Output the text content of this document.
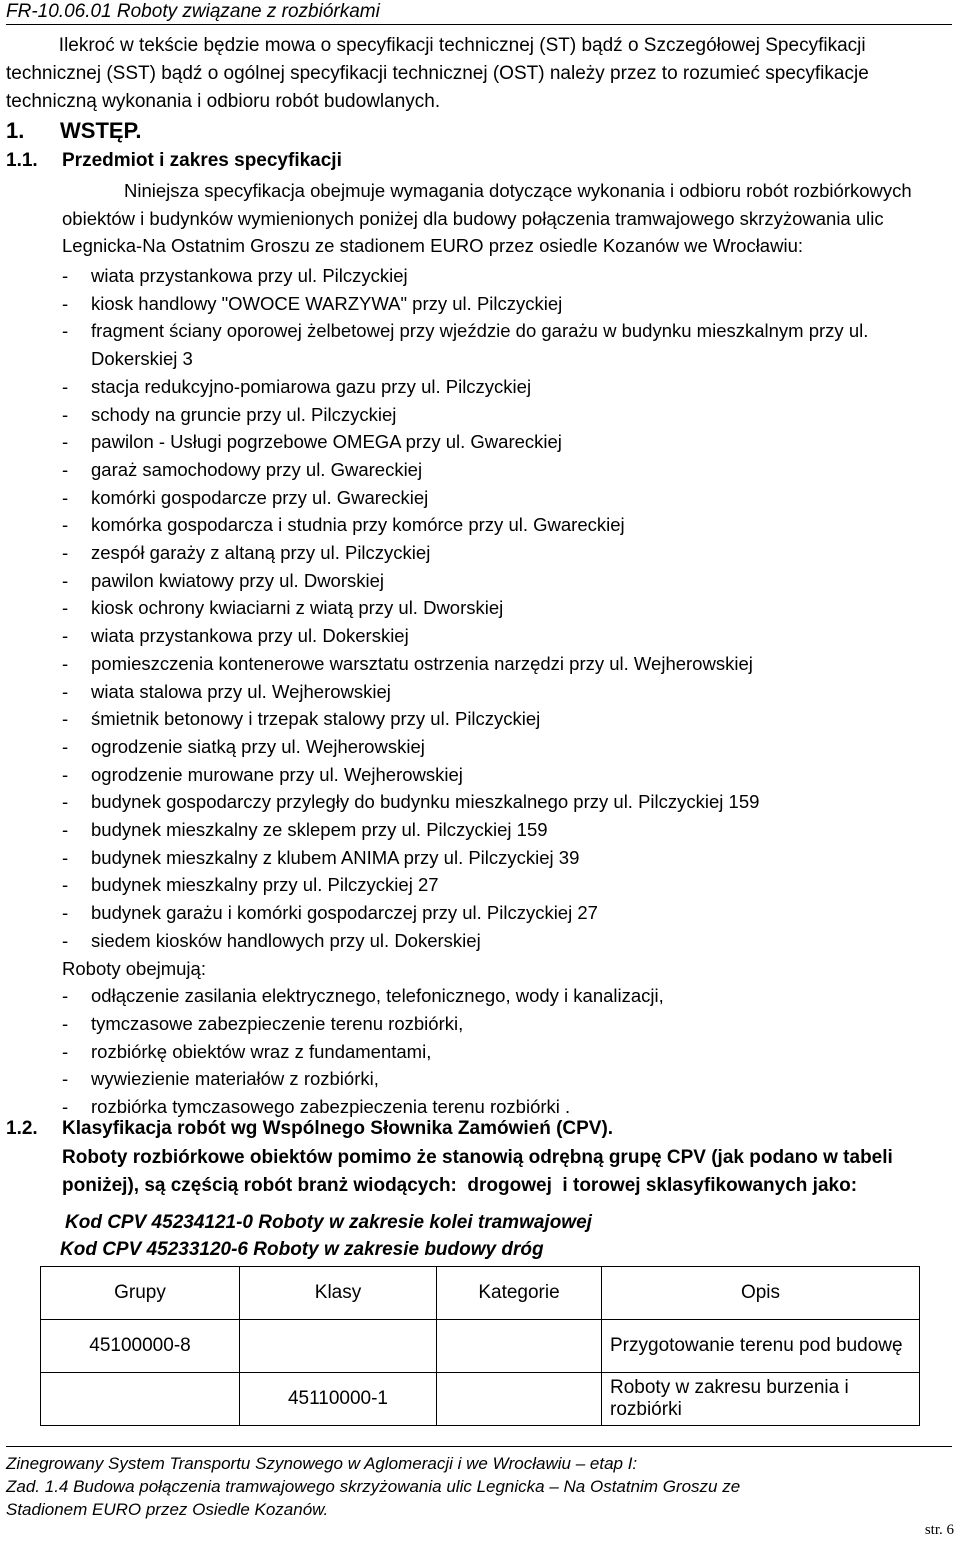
FR-10.06.01 Roboty związane z rozbiórkami
Ilekroć w tekście będzie mowa o specyfikacji technicznej (ST) bądź o Szczegółowej Specyfikacji
technicznej (SST) bądź o ogólnej specyfikacji technicznej (OST) należy przez to rozumieć specyfikacje
techniczną wykonania i odbioru robót budowlanych.
1. WSTĘP.
1.1. Przedmiot i zakres specyfikacji
Niniejsza specyfikacja obejmuje wymagania dotyczące wykonania i odbioru robót rozbiórkowych
obiektów i budynków wymienionych poniżej dla budowy połączenia tramwajowego skrzyżowania ulic
Legnicka-Na Ostatnim Groszu ze stadionem EURO przez osiedle Kozanów we Wrocławiu:
-	wiata przystankowa przy ul. Pilczyckiej
-	kiosk handlowy "OWOCE WARZYWA" przy ul. Pilczyckiej
-	fragment ściany oporowej żelbetowej przy wjeździe do garażu w budynku mieszkalnym przy ul.
Dokerskiej 3
-	stacja redukcyjno-pomiarowa gazu przy ul. Pilczyckiej
-	schody na gruncie przy ul. Pilczyckiej
-	pawilon - Usługi pogrzebowe OMEGA przy ul. Gwareckiej
-	garaż samochodowy przy ul. Gwareckiej
-	komórki gospodarcze przy ul. Gwareckiej
-	komórka gospodarcza i studnia przy komórce przy ul. Gwareckiej
-	zespół garaży z altaną przy ul. Pilczyckiej
-	pawilon kwiatowy przy ul. Dworskiej
-	kiosk ochrony kwiaciarni z wiatą przy ul. Dworskiej
-	wiata przystankowa przy ul. Dokerskiej
-	pomieszczenia kontenerowe warsztatu ostrzenia narzędzi przy ul. Wejherowskiej
-	wiata stalowa przy ul. Wejherowskiej
-	śmietnik betonowy i trzepak stalowy przy ul. Pilczyckiej
-	ogrodzenie siatką przy ul. Wejherowskiej
-	ogrodzenie murowane przy ul. Wejherowskiej
-	budynek gospodarczy przyległy do budynku mieszkalnego przy ul. Pilczyckiej 159
-	budynek mieszkalny ze sklepem przy ul. Pilczyckiej 159
-	budynek mieszkalny z klubem ANIMA przy ul. Pilczyckiej 39
-	budynek mieszkalny przy ul. Pilczyckiej 27
-	budynek garażu i komórki gospodarczej przy ul. Pilczyckiej 27
-	siedem kiosków handlowych przy ul. Dokerskiej
Roboty obejmują:
-	odłączenie zasilania elektrycznego, telefonicznego, wody i kanalizacji,
-	tymczasowe zabezpieczenie terenu rozbiórki,
-	rozbiórkę obiektów wraz z fundamentami,
-	wywiezienie materiałów z rozbiórki,
-	rozbiórka tymczasowego zabezpieczenia terenu rozbiórki .
1.2. Klasyfikacja robót wg Wspólnego Słownika Zamówień (CPV).
Roboty rozbiórkowe obiektów pomimo że stanowią odrębną grupę CPV (jak podano w tabeli
poniżej), są częścią robót branż wiodących:  drogowej  i torowej sklasyfikowanych jako:
Kod CPV 45234121-0 Roboty w zakresie kolei tramwajowej
Kod CPV 45233120-6 Roboty w zakresie budowy dróg
Grupy	Klasy	Kategorie	Opis
45100000-8			Przygotowanie terenu pod budowę
	45110000-1		Roboty w zakresu burzenia i rozbiórki
Zinegrowany System Transportu Szynowego w Aglomeracji i we Wrocławiu – etap I:
Zad. 1.4 Budowa połączenia tramwajowego skrzyżowania ulic Legnicka – Na Ostatnim Groszu ze
Stadionem EURO przez Osiedle Kozanów.
str. 6
